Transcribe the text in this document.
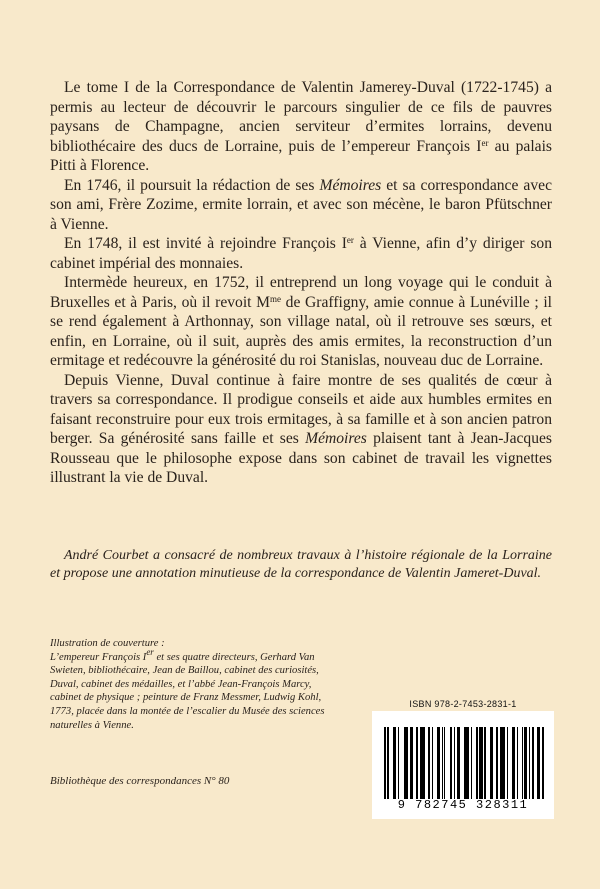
Le tome I de la Correspondance de Valentin Jamerey-Duval (1722-1745) a permis au lecteur de découvrir le parcours singulier de ce fils de pauvres paysans de Champagne, ancien serviteur d’ermites lorrains, devenu bibliothécaire des ducs de Lorraine, puis de l’empereur François Ier au palais Pitti à Florence.

En 1746, il poursuit la rédaction de ses Mémoires et sa correspondance avec son ami, Frère Zozime, ermite lorrain, et avec son mécène, le baron Pfütschner à Vienne.

En 1748, il est invité à rejoindre François Ier à Vienne, afin d’y diriger son cabinet impérial des monnaies.

Intermède heureux, en 1752, il entreprend un long voyage qui le conduit à Bruxelles et à Paris, où il revoit $M^{me}$ de Graffigny, amie connue à Lunéville ; il se rend également à Arthonnay, son village natal, où il retrouve ses sœurs, et enfin, en Lorraine, où il suit, auprès des amis ermites, la reconstruction d’un ermitage et redécouvre la générosité du roi Stanislas, nouveau duc de Lorraine.

Depuis Vienne, Duval continue à faire montre de ses qualités de cœur à travers sa correspondance. Il prodigue conseils et aide aux humbles ermites en faisant reconstruire pour eux trois ermitages, à sa famille et à son ancien patron berger. Sa générosité sans faille et ses Mémoires plaisent tant à Jean-Jacques Rousseau que le philosophe expose dans son cabinet de travail les vignettes illustrant la vie de Duval.

André Courbet a consacré de nombreux travaux à l’histoire régionale de la Lorraine et propose une annotation minutieuse de la correspondance de Valentin Jameret-Duval.

Illustration de couverture :
L’empereur François Ier et ses quatre directeurs, Gerhard Van Swieten, bibliothécaire, Jean de Baillou, cabinet des curiosités, Duval, cabinet des médailles, et l’abbé Jean-François Marcy, cabinet de physique ; peinture de Franz Messmer, Ludwig Kohl, 1773, placée dans la montée de l’escalier du Musée des sciences naturelles à Vienne.

Bibliothèque des correspondances N° 80

ISBN 978-2-7453-2831-1
9 782745 328311
